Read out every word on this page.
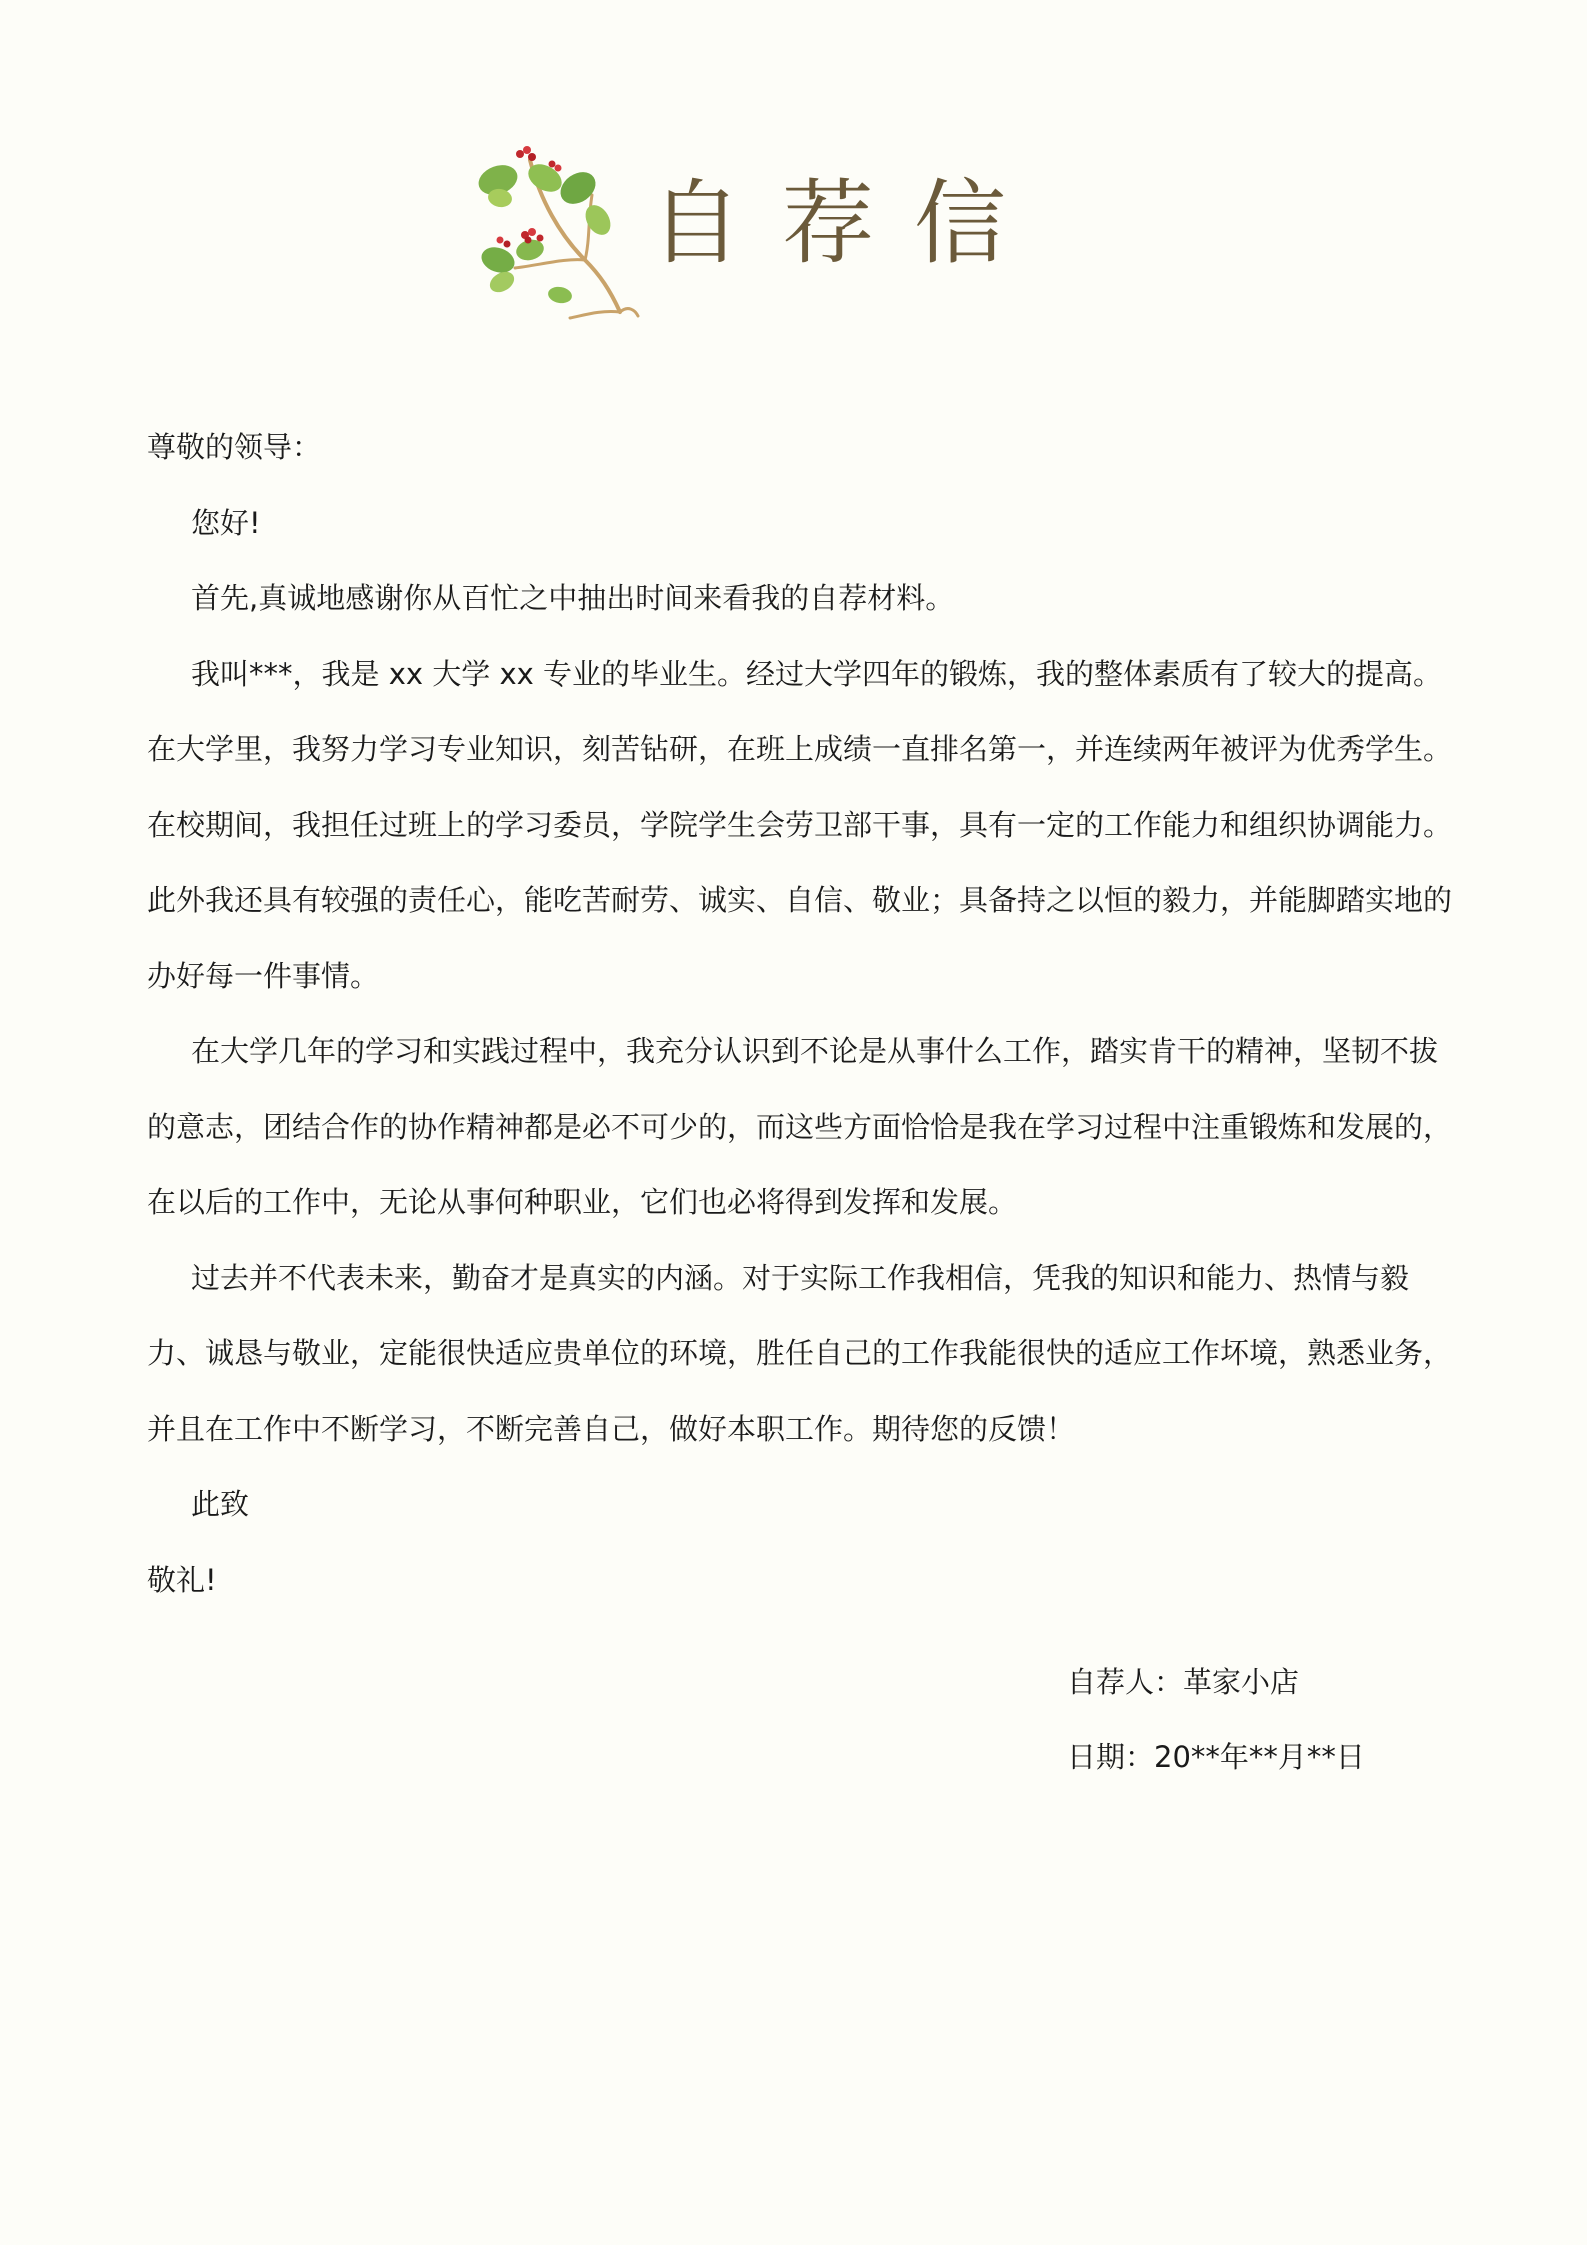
自荐信

尊敬的领导：

您好!

首先,真诚地感谢你从百忙之中抽出时间来看我的自荐材料。

我叫***，我是 xx 大学 xx 专业的毕业生。经过大学四年的锻炼，我的整体素质有了较大的提高。在大学里，我努力学习专业知识，刻苦钻研，在班上成绩一直排名第一，并连续两年被评为优秀学生。在校期间，我担任过班上的学习委员，学院学生会劳卫部干事，具有一定的工作能力和组织协调能力。此外我还具有较强的责任心，能吃苦耐劳、诚实、自信、敬业；具备持之以恒的毅力，并能脚踏实地的办好每一件事情。

在大学几年的学习和实践过程中，我充分认识到不论是从事什么工作，踏实肯干的精神，坚韧不拔的意志，团结合作的协作精神都是必不可少的，而这些方面恰恰是我在学习过程中注重锻炼和发展的，在以后的工作中，无论从事何种职业，它们也必将得到发挥和发展。

过去并不代表未来，勤奋才是真实的内涵。对于实际工作我相信，凭我的知识和能力、热情与毅力、诚恳与敬业，定能很快适应贵单位的环境，胜任自己的工作我能很快的适应工作坏境，熟悉业务，并且在工作中不断学习，不断完善自己，做好本职工作。期待您的反馈！

此致

敬礼!

自荐人：革家小店

日期：20**年**月**日
